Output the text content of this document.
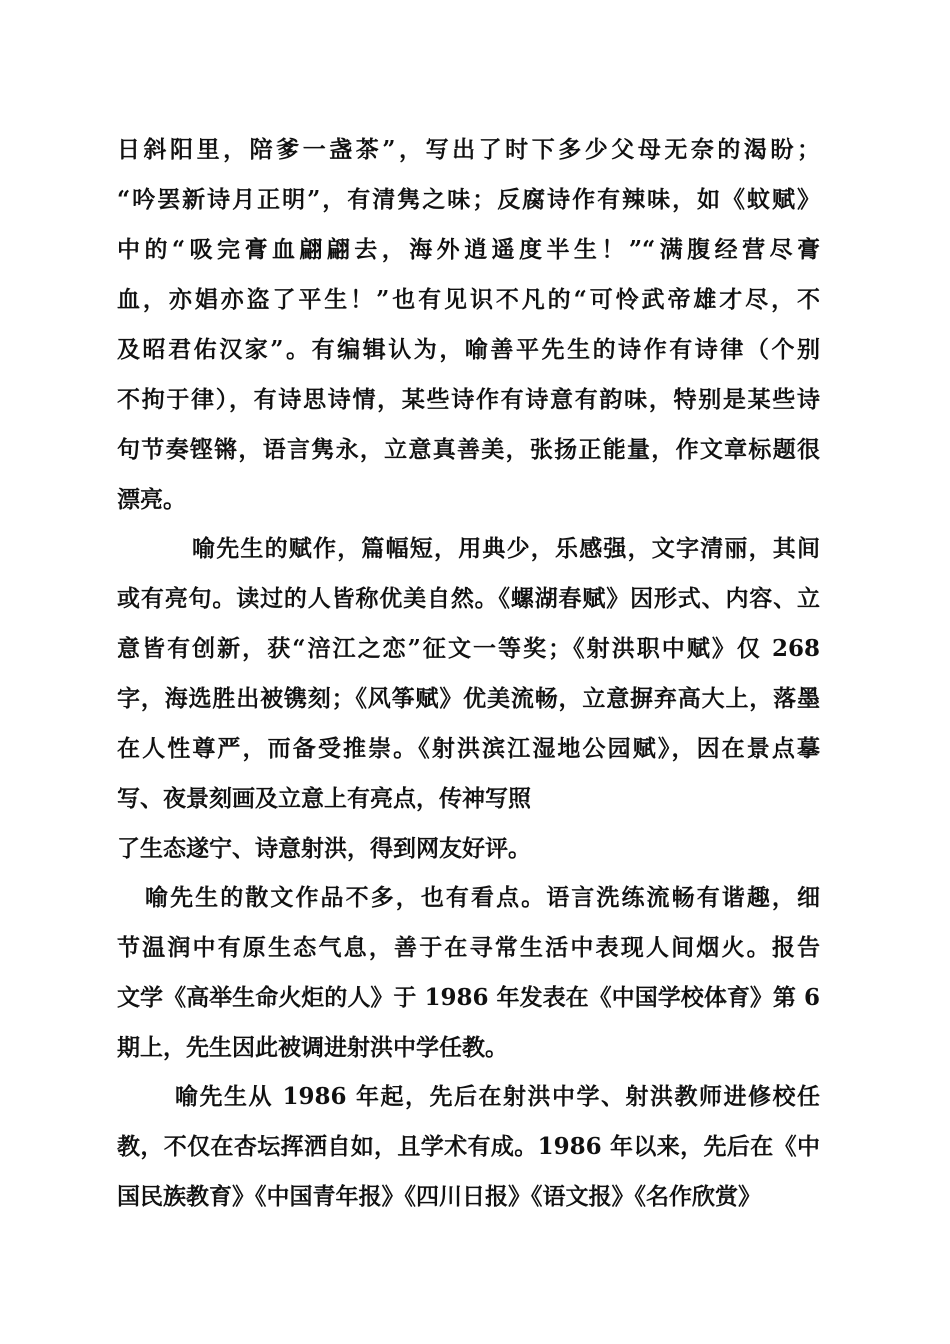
日斜阳里，陪爹一盏茶”，写出了时下多少父母无奈的渴盼；
“吟罢新诗月正明”，有清隽之味；反腐诗作有辣味，如《蚊赋》
中的“吸完膏血翩翩去，海外逍遥度半生！”“满腹经营尽膏
血，亦娼亦盗了平生！”也有见识不凡的“可怜武帝雄才尽，不
及昭君佑汉家”。有编辑认为，喻善平先生的诗作有诗律（个别
不拘于律），有诗思诗情，某些诗作有诗意有韵味，特别是某些诗
句节奏铿锵，语言隽永，立意真善美，张扬正能量，作文章标题很
漂亮。
喻先生的赋作，篇幅短，用典少，乐感强，文字清丽，其间
或有亮句。读过的人皆称优美自然。《螺湖春赋》因形式、内容、立
意皆有创新，获“涪江之恋”征文一等奖；《射洪职中赋》仅 268
字，海选胜出被镌刻；《风筝赋》优美流畅，立意摒弃高大上，落墨
在人性尊严，而备受推崇。《射洪滨江湿地公园赋》，因在景点摹
写、夜景刻画及立意上有亮点，传神写照
了生态遂宁、诗意射洪，得到网友好评。
喻先生的散文作品不多，也有看点。语言洗练流畅有谐趣，细
节温润中有原生态气息，善于在寻常生活中表现人间烟火。报告
文学《高举生命火炬的人》于 1986 年发表在《中国学校体育》第 6
期上，先生因此被调进射洪中学任教。
喻先生从 1986 年起，先后在射洪中学、射洪教师进修校任
教，不仅在杏坛挥洒自如，且学术有成。1986 年以来，先后在《中
国民族教育》《中国青年报》《四川日报》《语文报》《名作欣赏》
